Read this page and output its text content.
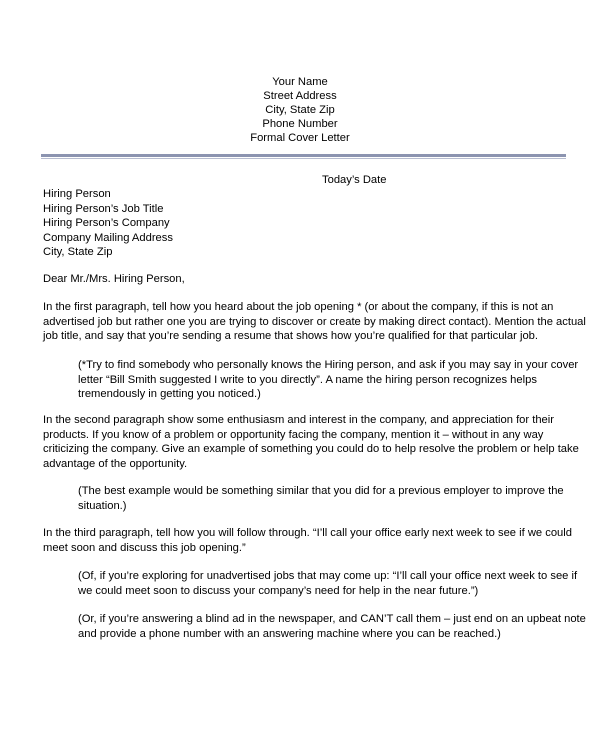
Your Name
Street Address
City, State Zip
Phone Number
Formal Cover Letter
Today’s Date
Hiring Person
Hiring Person’s Job Title
Hiring Person’s Company
Company Mailing Address
City, State Zip
Dear Mr./Mrs. Hiring Person,
In the first paragraph, tell how you heard about the job opening * (or about the company, if this is not an
advertised job but rather one you are trying to discover or create by making direct contact). Mention the actual
job title, and say that you’re sending a resume that shows how you’re qualified for that particular job.
(*Try to find somebody who personally knows the Hiring person, and ask if you may say in your cover
letter “Bill Smith suggested I write to you directly”. A name the hiring person recognizes helps
tremendously in getting you noticed.)
In the second paragraph show some enthusiasm and interest in the company, and appreciation for their
products. If you know of a problem or opportunity facing the company, mention it – without in any way
criticizing the company. Give an example of something you could do to help resolve the problem or help take
advantage of the opportunity.
(The best example would be something similar that you did for a previous employer to improve the
situation.)
In the third paragraph, tell how you will follow through. “I’ll call your office early next week to see if we could
meet soon and discuss this job opening.”
(Of, if you’re exploring for unadvertised jobs that may come up: “I’ll call your office next week to see if
we could meet soon to discuss your company’s need for help in the near future.”)
(Or, if you’re answering a blind ad in the newspaper, and CAN’T call them – just end on an upbeat note
and provide a phone number with an answering machine where you can be reached.)
